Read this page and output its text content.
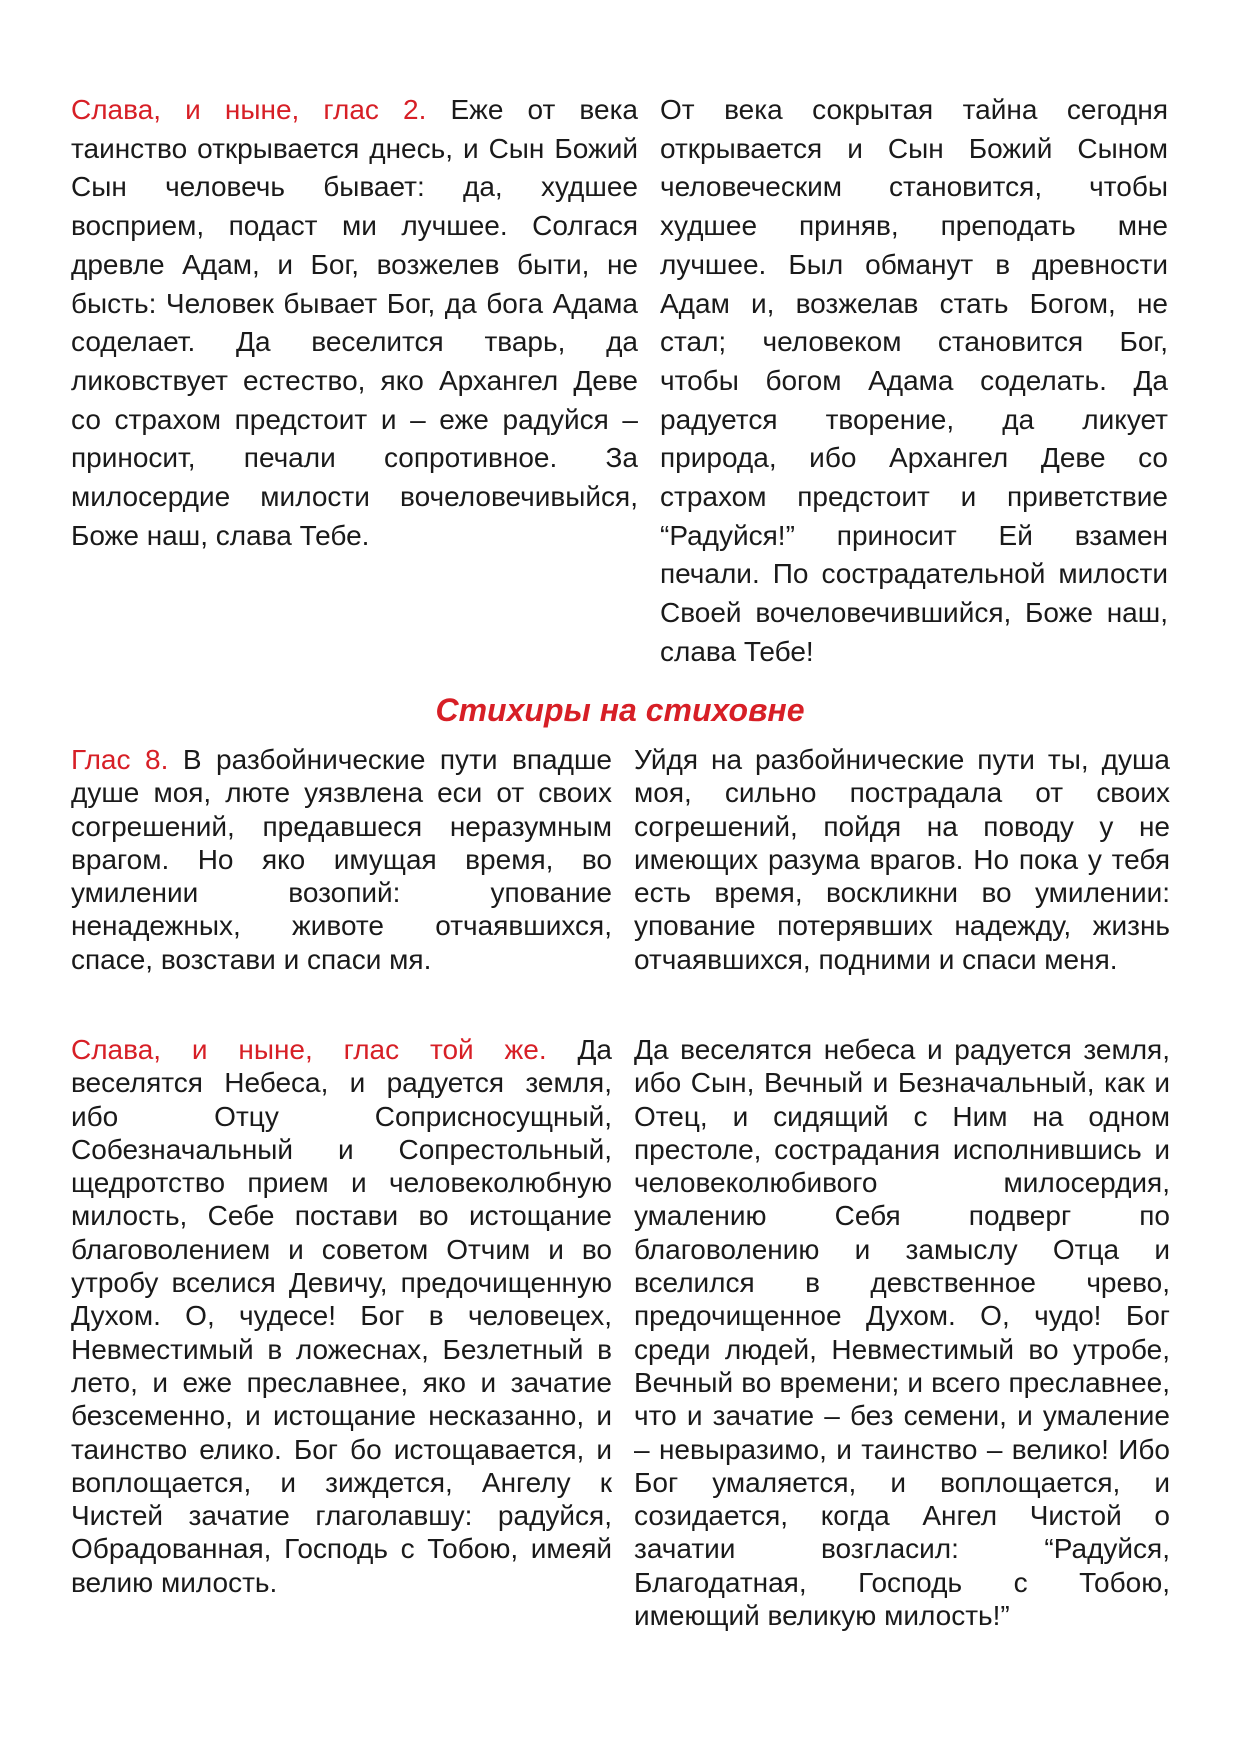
Слава, и ныне, глас 2. Еже от века таинство открывается днесь, и Сын Божий Сын человечь бывает: да, худшее восприем, подаст ми лучшее. Солгася древле Адам, и Бог, возжелев быти, не бысть: Человек бывает Бог, да бога Адама соделает. Да веселится тварь, да ликовствует естество, яко Архангел Деве со страхом предстоит и – еже радуйся – приносит, печали сопротивное. За милосердие милости вочеловечивыйся, Боже наш, слава Тебе.

От века сокрытая тайна сегодня открывается и Сын Божий Сыном человеческим становится, чтобы худшее приняв, преподать мне лучшее. Был обманут в древности Адам и, возжелав стать Богом, не стал; человеком становится Бог, чтобы богом Адама соделать. Да радуется творение, да ликует природа, ибо Архангел Деве со страхом предстоит и приветствие “Радуйся!” приносит Ей взамен печали. По сострадательной милости Своей вочеловечившийся, Боже наш, слава Тебе!

Стихиры на стиховне

Глас 8. В разбойнические пути впадше душе моя, люте уязвлена еси от своих согрешений, предавшеся неразумным врагом. Но яко имущая время, во умилении возопий: упование ненадежных, животе отчаявшихся, спасе, возстави и спаси мя.

Уйдя на разбойнические пути ты, душа моя, сильно пострадала от своих согрешений, пойдя на поводу у не имеющих разума врагов. Но пока у тебя есть время, воскликни во умилении: упование потерявших надежду, жизнь отчаявшихся, подними и спаси меня.

Слава, и ныне, глас той же. Да веселятся Небеса, и радуется земля, ибо Отцу Соприсносущный, Собезначальный и Сопрестольный, щедротство прием и человеколюбную милость, Себе постави во истощание благоволением и советом Отчим и во утробу вселися Девичу, предочищенную Духом. О, чудесе! Бог в человецех, Невместимый в ложеснах, Безлетный в лето, и еже преславнее, яко и зачатие безсеменно, и истощание несказанно, и таинство елико. Бог бо истощавается, и воплощается, и зиждется, Ангелу к Чистей зачатие глаголавшу: радуйся, Обрадованная, Господь с Тобою, имеяй велию милость.

Да веселятся небеса и радуется земля, ибо Сын, Вечный и Безначальный, как и Отец, и сидящий с Ним на одном престоле, сострадания исполнившись и человеколюбивого милосердия, умалению Себя подверг по благоволению и замыслу Отца и вселился в девственное чрево, предочищенное Духом. О, чудо! Бог среди людей, Невместимый во утробе, Вечный во времени; и всего преславнее, что и зачатие – без семени, и умаление – невыразимо, и таинство – велико! Ибо Бог умаляется, и воплощается, и созидается, когда Ангел Чистой о зачатии возгласил: “Радуйся, Благодатная, Господь с Тобою, имеющий великую милость!”
